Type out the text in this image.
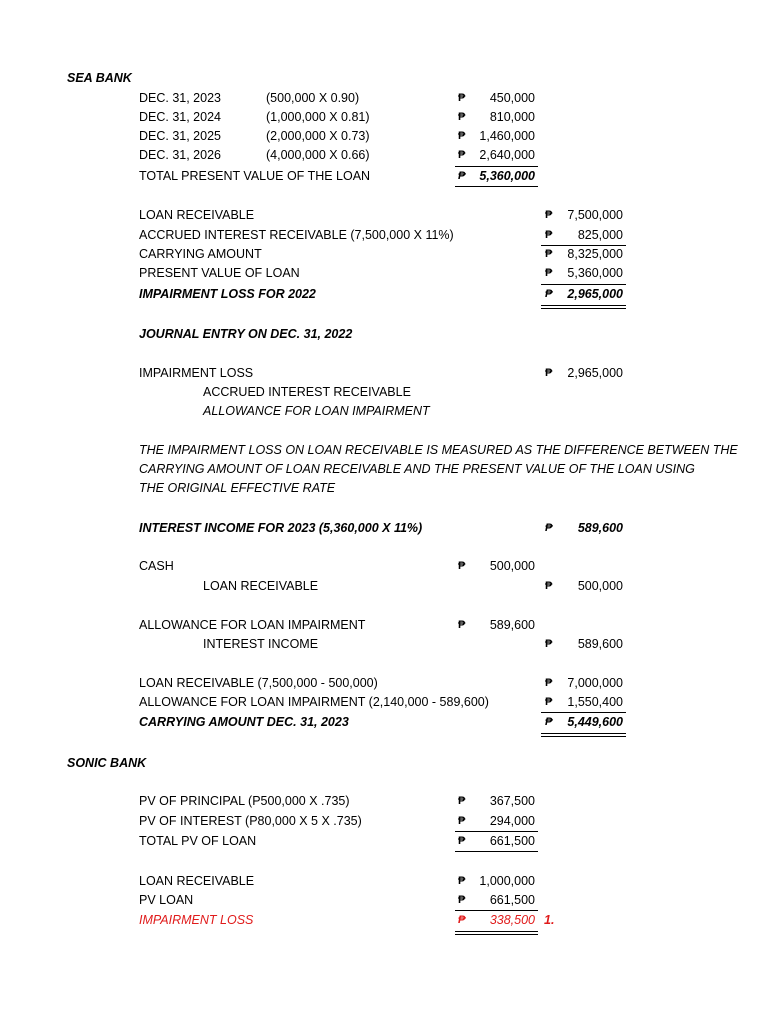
SEA BANK
DEC. 31, 2023	(500,000 X 0.90)	₱	450,000
DEC. 31, 2024	(1,000,000 X 0.81)	₱	810,000
DEC. 31, 2025	(2,000,000 X 0.73)	₱	1,460,000
DEC. 31, 2026	(4,000,000 X 0.66)	₱	2,640,000
TOTAL PRESENT VALUE OF THE LOAN	₱	5,360,000
LOAN RECEIVABLE	₱	7,500,000
ACCRUED INTEREST RECEIVABLE (7,500,000 X 11%)	₱	825,000
CARRYING AMOUNT	₱	8,325,000
PRESENT VALUE OF LOAN	₱	5,360,000
IMPAIRMENT LOSS FOR 2022	₱	2,965,000
JOURNAL ENTRY ON DEC. 31, 2022
IMPAIRMENT LOSS	₱	2,965,000
ACCRUED INTEREST RECEIVABLE
ALLOWANCE FOR LOAN IMPAIRMENT
THE IMPAIRMENT LOSS ON LOAN RECEIVABLE IS MEASURED AS THE DIFFERENCE BETWEEN THE
CARRYING AMOUNT OF LOAN RECEIVABLE AND THE PRESENT VALUE OF THE LOAN USING
THE ORIGINAL EFFECTIVE RATE
INTEREST INCOME FOR 2023 (5,360,000 X 11%)	₱	589,600
CASH	₱	500,000
LOAN RECEIVABLE	₱	500,000
ALLOWANCE FOR LOAN IMPAIRMENT	₱	589,600
INTEREST INCOME	₱	589,600
LOAN RECEIVABLE (7,500,000 - 500,000)	₱	7,000,000
ALLOWANCE FOR LOAN IMPAIRMENT (2,140,000 - 589,600)	₱	1,550,400
CARRYING AMOUNT DEC. 31, 2023	₱	5,449,600
SONIC BANK
PV OF PRINCIPAL (P500,000 X .735)	₱	367,500
PV OF INTEREST (P80,000 X 5 X .735)	₱	294,000
TOTAL PV OF LOAN	₱	661,500
LOAN RECEIVABLE	₱	1,000,000
PV LOAN	₱	661,500
IMPAIRMENT LOSS	₱	338,500 1.
